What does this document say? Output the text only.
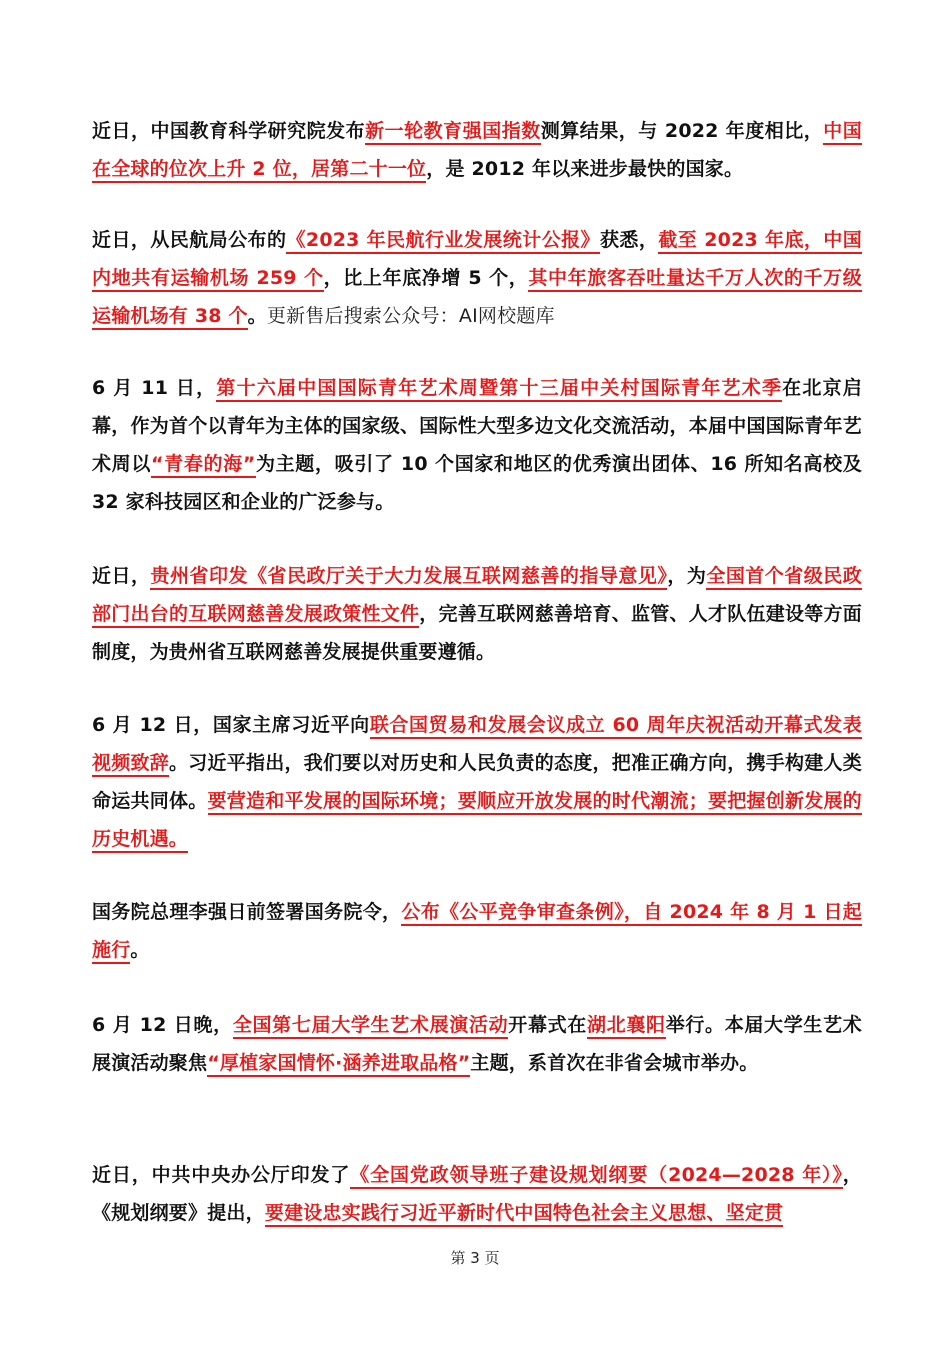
近日，中国教育科学研究院发布新一轮教育强国指数测算结果，与 2022 年度相比，中国在全球的位次上升 2 位，居第二十一位，是 2012 年以来进步最快的国家。
近日，从民航局公布的《2023 年民航行业发展统计公报》获悉，截至 2023 年底，中国内地共有运输机场 259 个，比上年底净增 5 个，其中年旅客吞吐量达千万人次的千万级运输机场有 38 个。更新售后搜索公众号：AI网校题库
6 月 11 日，第十六届中国国际青年艺术周暨第十三届中关村国际青年艺术季在北京启幕，作为首个以青年为主体的国家级、国际性大型多边文化交流活动，本届中国国际青年艺术周以“青春的海”为主题，吸引了 10 个国家和地区的优秀演出团体、16 所知名高校及 32 家科技园区和企业的广泛参与。
近日，贵州省印发《省民政厅关于大力发展互联网慈善的指导意见》，为全国首个省级民政部门出台的互联网慈善发展政策性文件，完善互联网慈善培育、监管、人才队伍建设等方面制度，为贵州省互联网慈善发展提供重要遵循。
6 月 12 日，国家主席习近平向联合国贸易和发展会议成立 60 周年庆祝活动开幕式发表视频致辞。习近平指出，我们要以对历史和人民负责的态度，把准正确方向，携手构建人类命运共同体。要营造和平发展的国际环境；要顺应开放发展的时代潮流；要把握创新发展的历史机遇。
国务院总理李强日前签署国务院令，公布《公平竞争审查条例》，自 2024 年 8 月 1 日起施行。
6 月 12 日晚，全国第七届大学生艺术展演活动开幕式在湖北襄阳举行。本届大学生艺术展演活动聚焦“厚植家国情怀·涵养进取品格”主题，系首次在非省会城市举办。
近日，中共中央办公厅印发了《全国党政领导班子建设规划纲要（2024—2028 年）》，《规划纲要》提出，要建设忠实践行习近平新时代中国特色社会主义思想、坚定贯
第 3 页
